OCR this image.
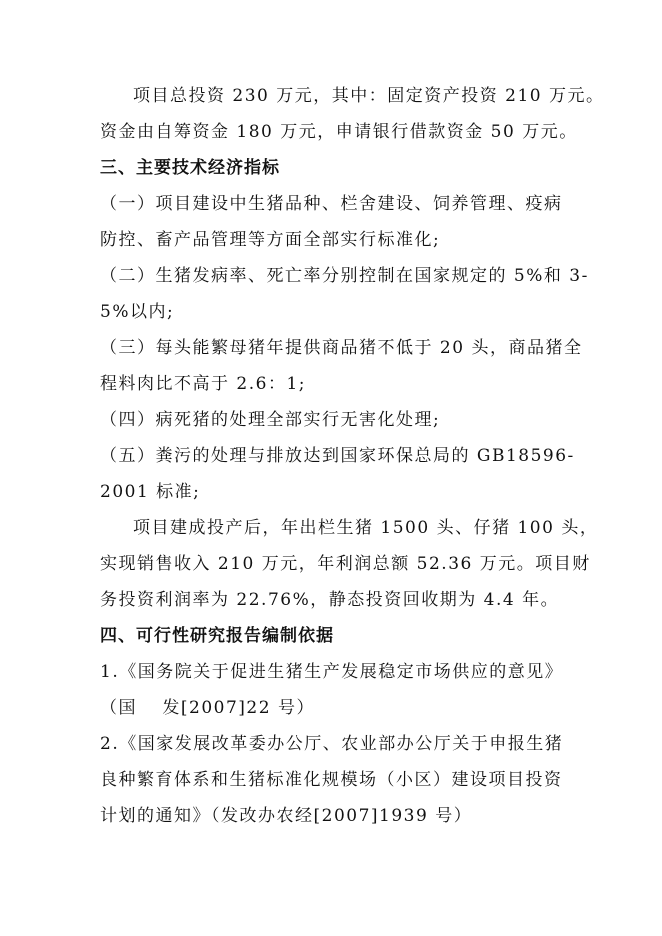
项目总投资 230 万元，其中：固定资产投资 210 万元。
资金由自筹资金 180 万元，申请银行借款资金 50 万元。
三、主要技术经济指标
（一）项目建设中生猪品种、栏舍建设、饲养管理、疫病
防控、畜产品管理等方面全部实行标准化;
（二）生猪发病率、死亡率分别控制在国家规定的 5%和 3-
5%以内;
（三）每头能繁母猪年提供商品猪不低于 20 头，商品猪全
程料肉比不高于 2.6：1;
（四）病死猪的处理全部实行无害化处理;
（五）粪污的处理与排放达到国家环保总局的 GB18596-
2001 标准;
项目建成投产后，年出栏生猪 1500 头、仔猪 100 头，
实现销售收入 210 万元，年利润总额 52.36 万元。项目财
务投资利润率为 22.76%，静态投资回收期为 4.4 年。
四、可行性研究报告编制依据
1.《国务院关于促进生猪生产发展稳定市场供应的意见》
（国 　发[2007]22 号）
2.《国家发展改革委办公厅、农业部办公厅关于申报生猪
良种繁育体系和生猪标准化规模场（小区）建设项目投资
计划的通知》（发改办农经[2007]1939 号）
